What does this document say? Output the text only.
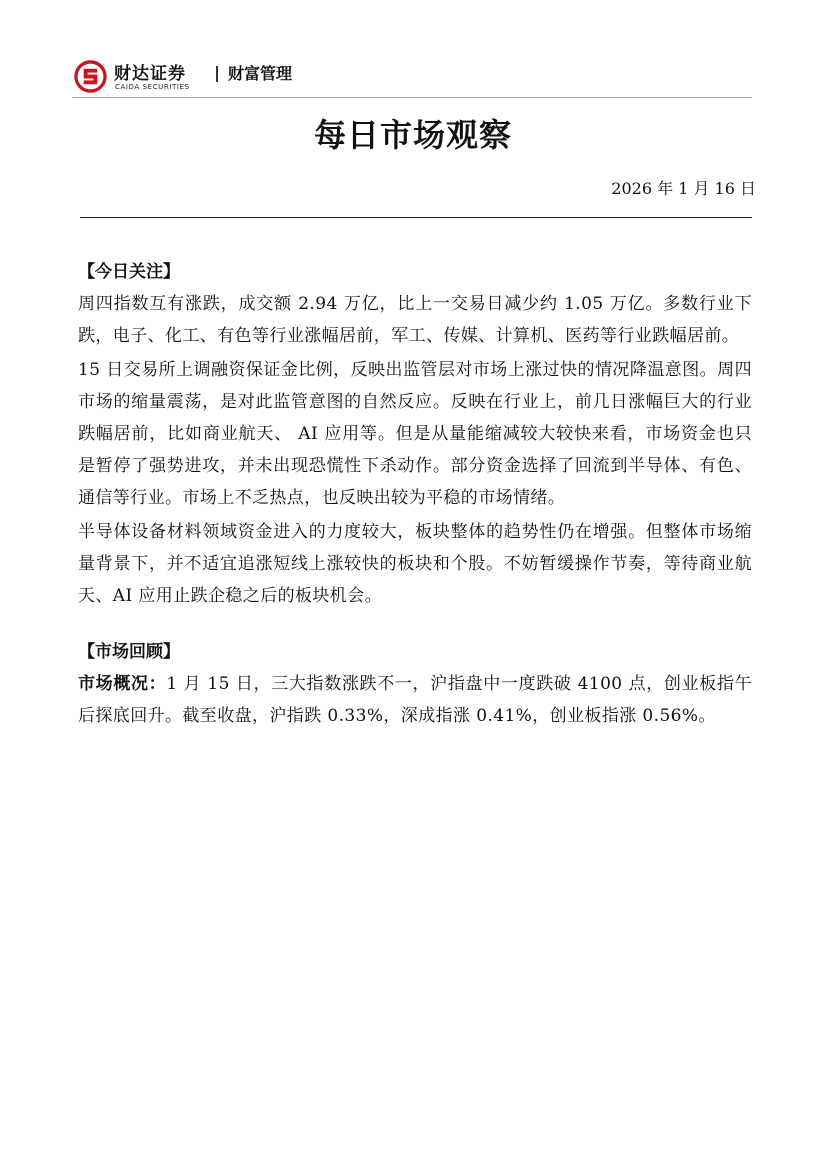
财达证券
CAIDA SECURITIES
财富管理
每日市场观察
2026 年 1 月 16 日

【今日关注】

周四指数互有涨跌，成交额 2.94 万亿，比上一交易日减少约 1.05 万亿。多数行业下跌，电子、化工、有色等行业涨幅居前，军工、传媒、计算机、医药等行业跌幅居前。

15 日交易所上调融资保证金比例，反映出监管层对市场上涨过快的情况降温意图。周四市场的缩量震荡，是对此监管意图的自然反应。反映在行业上，前几日涨幅巨大的行业跌幅居前，比如商业航天、 AI 应用等。但是从量能缩减较大较快来看，市场资金也只是暂停了强势进攻，并未出现恐慌性下杀动作。部分资金选择了回流到半导体、有色、通信等行业。市场上不乏热点，也反映出较为平稳的市场情绪。

半导体设备材料领域资金进入的力度较大，板块整体的趋势性仍在增强。但整体市场缩量背景下，并不适宜追涨短线上涨较快的板块和个股。不妨暂缓操作节奏，等待商业航天、AI 应用止跌企稳之后的板块机会。

【市场回顾】

市场概况：1 月 15 日，三大指数涨跌不一，沪指盘中一度跌破 4100 点，创业板指午后探底回升。截至收盘，沪指跌 0.33%，深成指涨 0.41%，创业板指涨 0.56%。
